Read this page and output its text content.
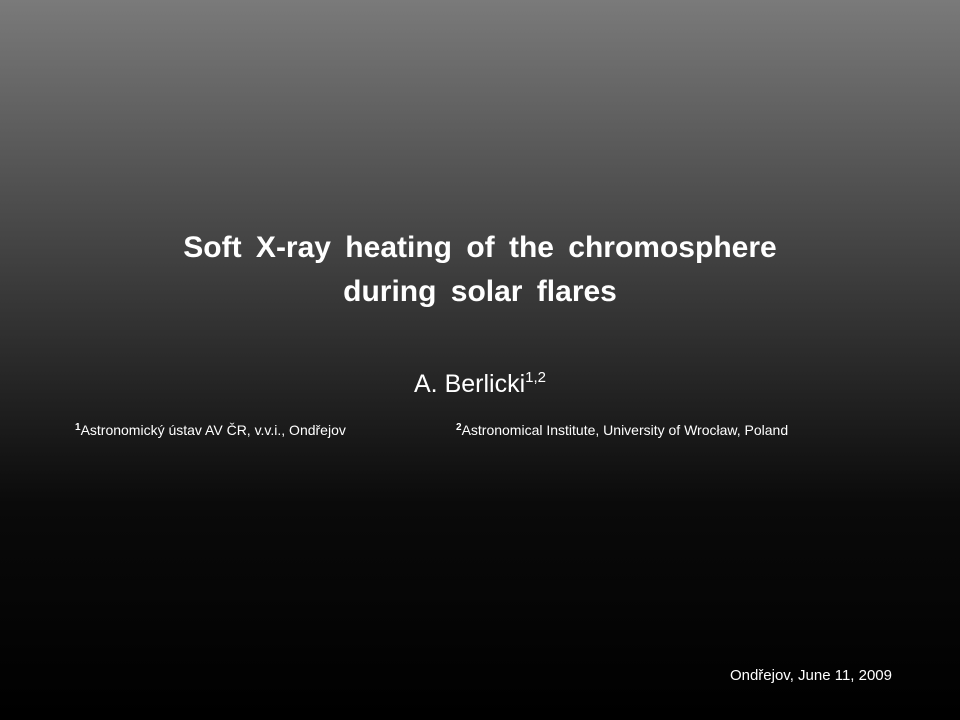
Soft X-ray heating of the chromosphere
during solar flares
A. Berlicki$^{1,2}$
$^1$Astronomický ústav AV ČR, v.v.i., Ondřejov	$^2$Astronomical Institute, University of Wrocław, Poland
Ondřejov, June 11, 2009
